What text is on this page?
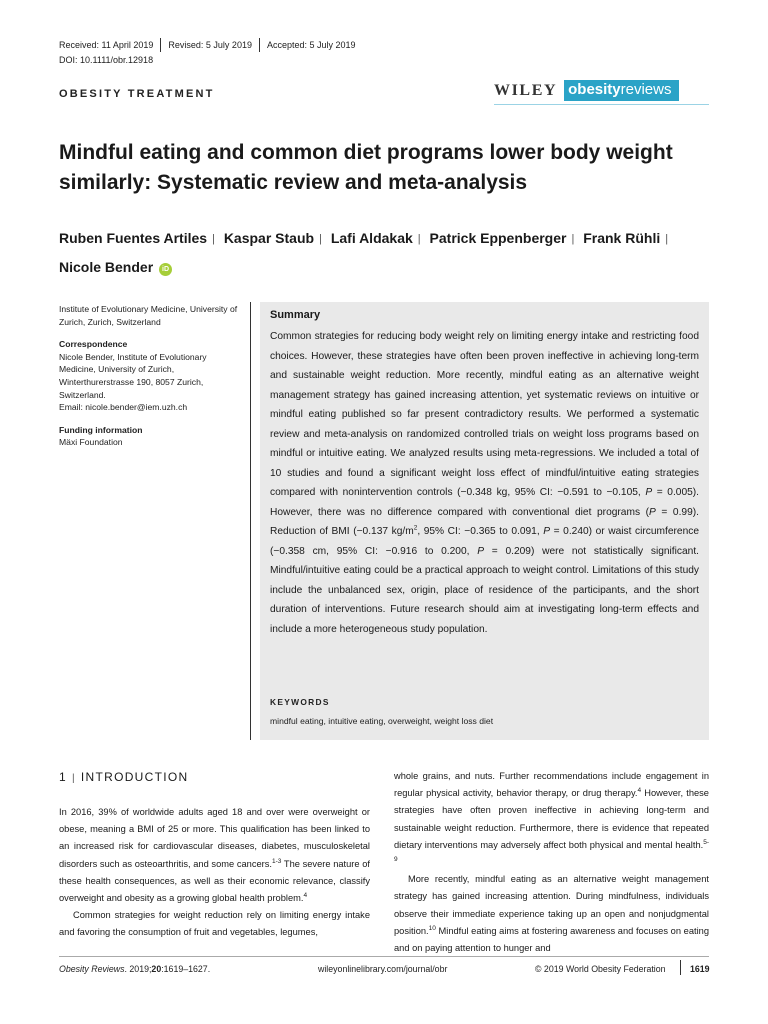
Received: 11 April 2019 Revised: 5 July 2019 Accepted: 5 July 2019
DOI: 10.1111/obr.12918
OBESITY TREATMENT	WILEY obesityreviews
Mindful eating and common diet programs lower body weight similarly: Systematic review and meta-analysis
Ruben Fuentes Artiles | Kaspar Staub | Lafi Aldakak | Patrick Eppenberger | Frank Rühli |
Nicole Bender iD

Institute of Evolutionary Medicine, University of Zurich, Zurich, Switzerland

Correspondence
Nicole Bender, Institute of Evolutionary Medicine, University of Zurich, Winterthurerstrasse 190, 8057 Zurich, Switzerland.

Email: nicole.bender@iem.uzh.ch

Funding information
Mäxi Foundation
Summary
Common strategies for reducing body weight rely on limiting energy intake and restricting food choices. However, these strategies have often been proven ineffective in achieving long-term and sustainable weight reduction. More recently, mindful eating as an alternative weight management strategy has gained increasing attention, yet systematic reviews on intuitive or mindful eating published so far present contradictory results. We performed a systematic review and meta-analysis on randomized controlled trials on weight loss programs based on mindful or intuitive eating. We analyzed results using meta-regressions. We included a total of 10 studies and found a significant weight loss effect of mindful/intuitive eating strategies compared with nonintervention controls (−0.348 kg, 95% CI: −0.591 to −0.105, P = 0.005). However, there was no difference compared with conventional diet programs (P = 0.99). Reduction of BMI (−0.137 $kg/m^2$, 95% CI: −0.365 to 0.091, P = 0.240) or waist circumference (−0.358 cm, 95% CI: −0.916 to 0.200, P = 0.209) were not statistically significant. Mindful/intuitive eating could be a practical approach to weight control. Limitations of this study include the unbalanced sex, origin, place of residence of the participants, and the short duration of interventions. Future research should aim at investigating long-term effects and include a more heterogeneous study population.
KEYWORDS
mindful eating, intuitive eating, overweight, weight loss diet
1 | INTRODUCTION

In 2016, 39% of worldwide adults aged 18 and over were overweight or obese, meaning a BMI of 25 or more. This qualification has been linked to an increased risk for cardiovascular diseases, diabetes, musculoskeletal disorders such as osteoarthritis, and some cancers.$^{1-3}$ The severe nature of these health consequences, as well as their economic relevance, classify overweight and obesity as a growing global health problem.$^4$

Common strategies for weight reduction rely on limiting energy intake and favoring the consumption of fruit and vegetables, legumes,

whole grains, and nuts. Further recommendations include engagement in regular physical activity, behavior therapy, or drug therapy.$^4$ However, these strategies have often proven ineffective in achieving long-term and sustainable weight reduction. Furthermore, there is evidence that repeated dietary interventions may adversely affect both physical and mental health.$^{5-9}$

More recently, mindful eating as an alternative weight management strategy has gained increasing attention. During mindfulness, individuals observe their immediate experience taking up an open and nonjudgmental position.$^{10}$ Mindful eating aims at fostering awareness and focuses on eating and on paying attention to hunger and

Obesity Reviews. 2019;20:1619–1627.	wileyonlinelibrary.com/journal/obr	© 2019 World Obesity Federation	1619
